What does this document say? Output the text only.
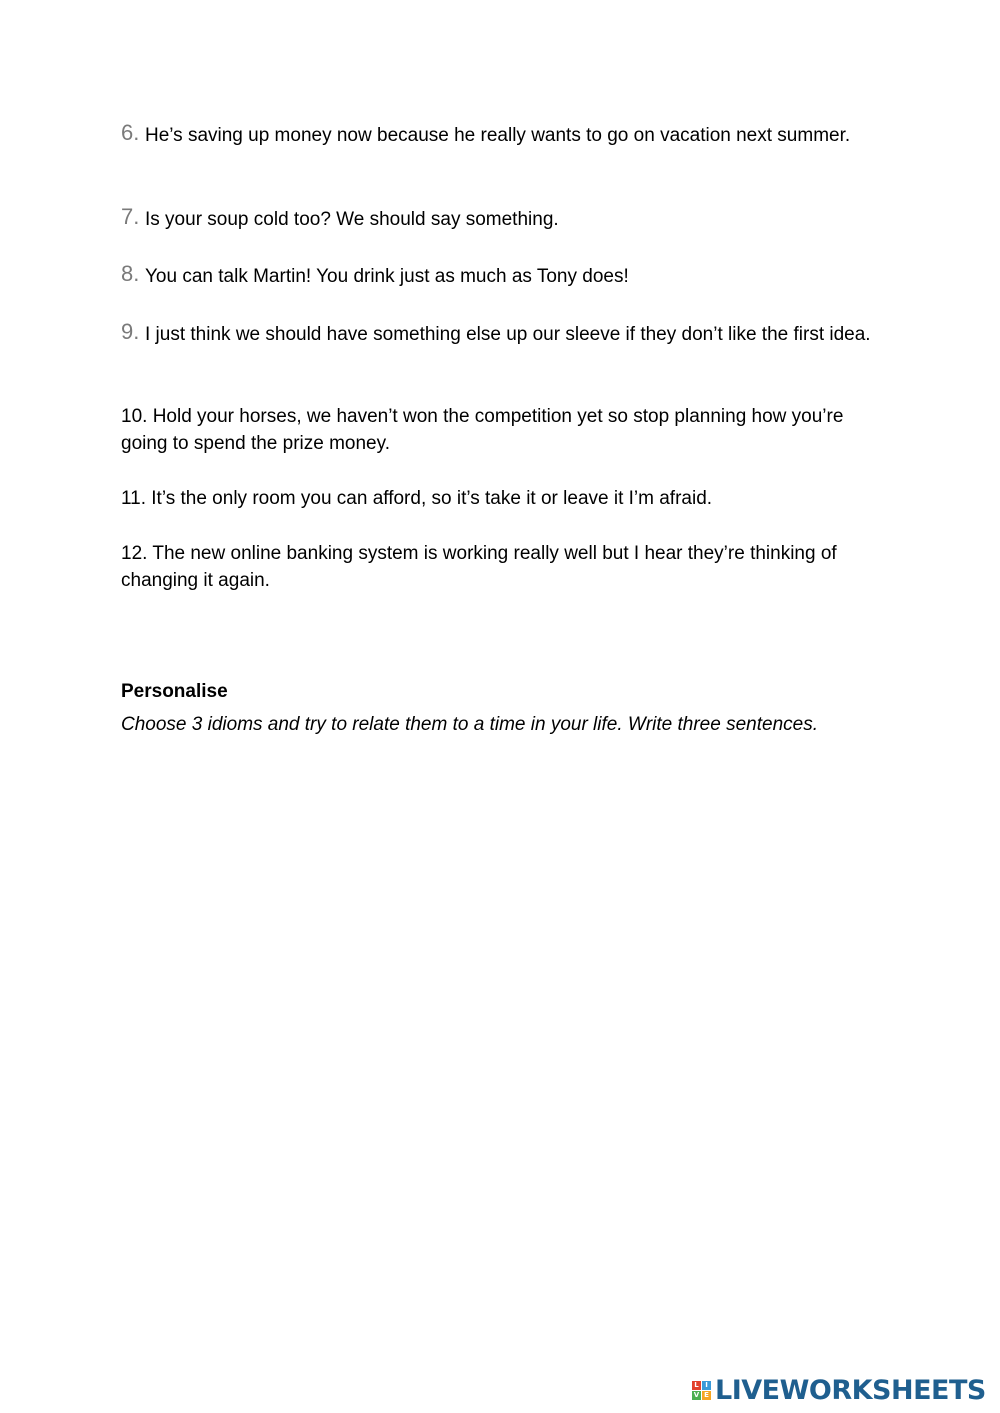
6. He’s saving up money now because he really wants to go on vacation next summer.
7. Is your soup cold too? We should say something.
8. You can talk Martin! You drink just as much as Tony does!
9. I just think we should have something else up our sleeve if they don’t like the first idea.
10. Hold your horses, we haven’t won the competition yet so stop planning how you’re going to spend the prize money.
11. It’s the only room you can afford, so it’s take it or leave it I’m afraid.
12. The new online banking system is working really well but I hear they’re thinking of changing it again.
Personalise
Choose 3 idioms and try to relate them to a time in your life. Write three sentences.
L I
V E LIVEWORKSHEETS
